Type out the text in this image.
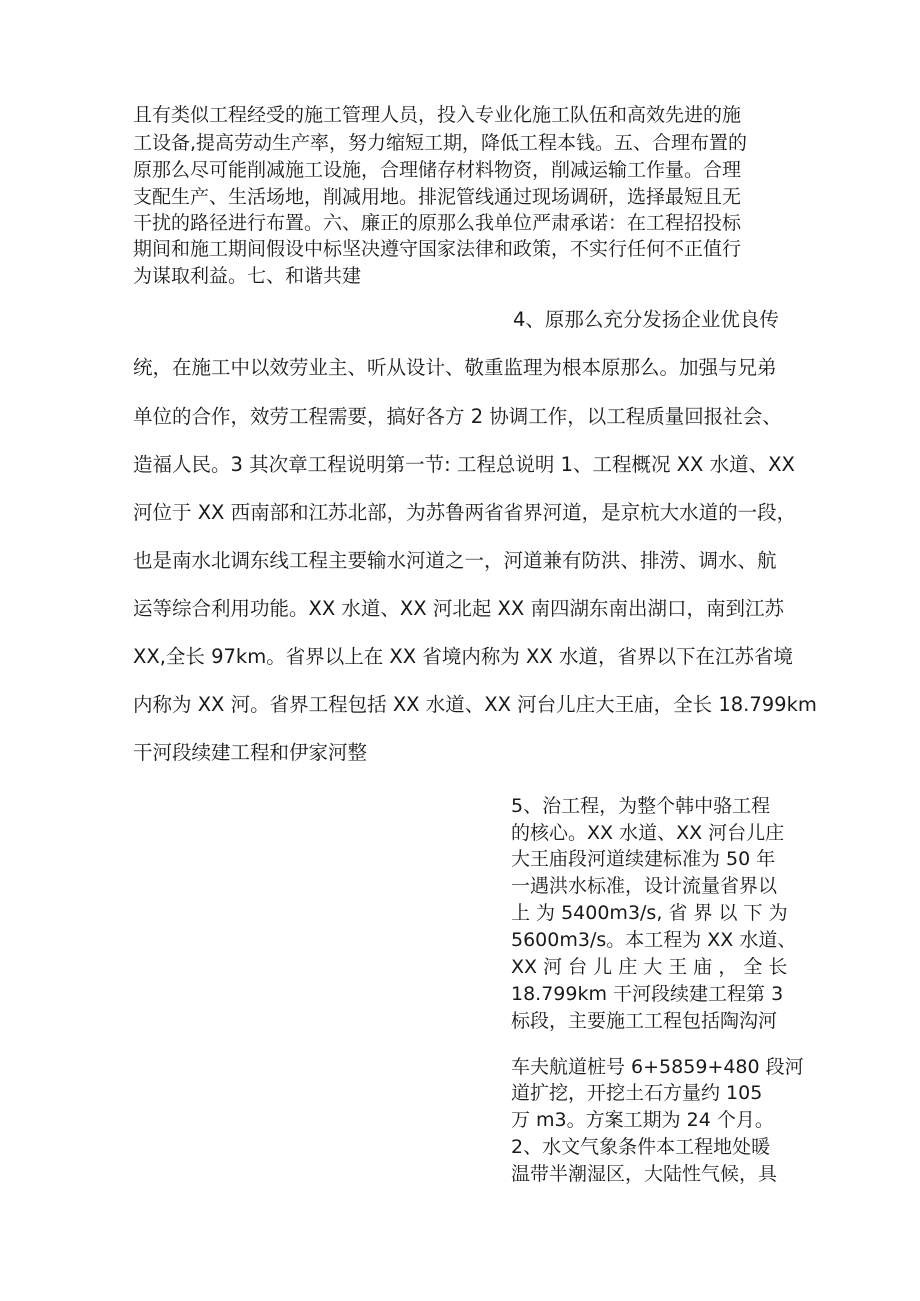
且有类似工程经受的施工管理人员，投入专业化施工队伍和高效先进的施
工设备,提高劳动生产率，努力缩短工期，降低工程本钱。五、合理布置的
原那么尽可能削减施工设施，合理储存材料物资，削减运输工作量。合理
支配生产、生活场地，削减用地。排泥管线通过现场调研，选择最短且无
干扰的路径进行布置。六、廉正的原那么我单位严肃承诺：在工程招投标
期间和施工期间假设中标坚决遵守国家法律和政策，不实行任何不正值行
为谋取利益。七、和谐共建
4、原那么充分发扬企业优良传
统，在施工中以效劳业主、听从设计、敬重监理为根本原那么。加强与兄弟
单位的合作，效劳工程需要，搞好各方 2 协调工作，以工程质量回报社会、
造福人民。3 其次章工程说明第一节: 工程总说明 1、工程概况 XX 水道、XX
河位于 XX 西南部和江苏北部，为苏鲁两省省界河道，是京杭大水道的一段，
也是南水北调东线工程主要输水河道之一，河道兼有防洪、排涝、调水、航
运等综合利用功能。XX 水道、XX 河北起 XX 南四湖东南出湖口，南到江苏
XX,全长 97km。省界以上在 XX 省境内称为 XX 水道，省界以下在江苏省境
内称为 XX 河。省界工程包括 XX 水道、XX 河台儿庄大王庙，全长 18.799km
干河段续建工程和伊家河整
5、治工程，为整个韩中骆工程
的核心。XX 水道、XX 河台儿庄
大王庙段河道续建标准为 50 年
一遇洪水标准，设计流量省界以
上 为 5400m3∕s, 省 界 以 下 为
5600m3∕s。本工程为 XX 水道、
XX 河 台 儿 庄 大 王 庙 ， 全 长
18.799km 干河段续建工程第 3
标段，主要施工工程包括陶沟河
车夫航道桩号 6+5859+480 段河
道扩挖，开挖土石方量约 105
万 m3。方案工期为 24 个月。
2、水文气象条件本工程地处暖
温带半潮湿区，大陆性气候，具
